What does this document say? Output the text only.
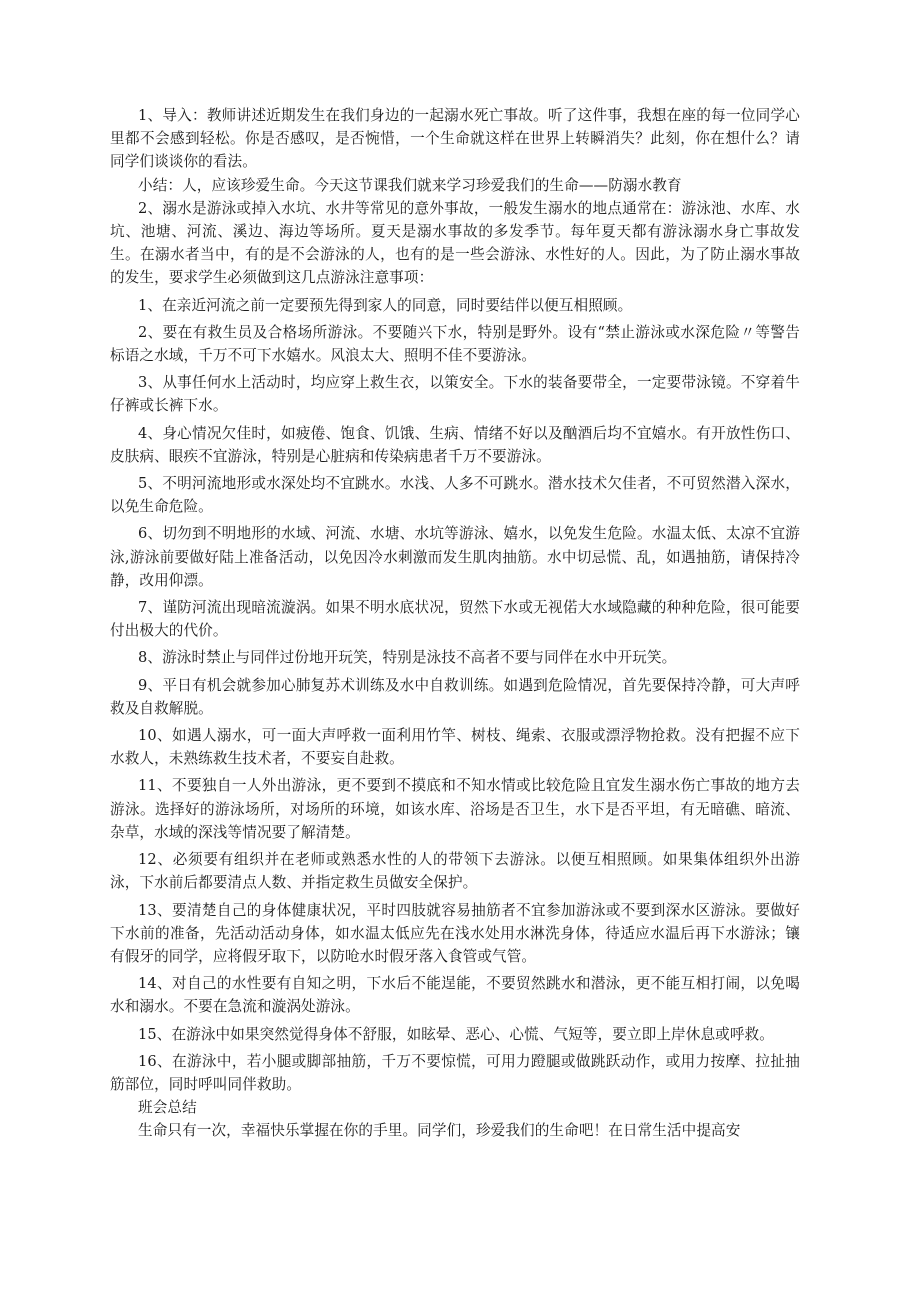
1、导入：教师讲述近期发生在我们身边的一起溺水死亡事故。听了这件事，我想在座的每一位同学心里都不会感到轻松。你是否感叹，是否惋惜，一个生命就这样在世界上转瞬消失？此刻，你在想什么？请同学们谈谈你的看法。

小结：人，应该珍爱生命。今天这节课我们就来学习珍爱我们的生命——防溺水教育

2、溺水是游泳或掉入水坑、水井等常见的意外事故，一般发生溺水的地点通常在：游泳池、水库、水坑、池塘、河流、溪边、海边等场所。夏天是溺水事故的多发季节。每年夏天都有游泳溺水身亡事故发生。在溺水者当中，有的是不会游泳的人，也有的是一些会游泳、水性好的人。因此，为了防止溺水事故的发生，要求学生必须做到这几点游泳注意事项：

1、在亲近河流之前一定要预先得到家人的同意，同时要结伴以便互相照顾。

2、要在有救生员及合格场所游泳。不要随兴下水，特别是野外。设有“禁止游泳或水深危险〃等警告标语之水域，千万不可下水嬉水。风浪太大、照明不佳不要游泳。

3、从事任何水上活动时，均应穿上救生衣，以策安全。下水的装备要带全，一定要带泳镜。不穿着牛仔裤或长裤下水。

4、身心情况欠佳时，如疲倦、饱食、饥饿、生病、情绪不好以及酗酒后均不宜嬉水。有开放性伤口、皮肤病、眼疾不宜游泳，特别是心脏病和传染病患者千万不要游泳。

5、不明河流地形或水深处均不宜跳水。水浅、人多不可跳水。潜水技术欠佳者，不可贸然潜入深水，以免生命危险。

6、切勿到不明地形的水域、河流、水塘、水坑等游泳、嬉水，以免发生危险。水温太低、太凉不宜游泳,游泳前要做好陆上准备活动，以免因冷水刺激而发生肌肉抽筋。水中切忌慌、乱，如遇抽筋，请保持冷静，改用仰漂。

7、谨防河流出现暗流漩涡。如果不明水底状况，贸然下水或无视偌大水域隐藏的种种危险，很可能要付出极大的代价。

8、游泳时禁止与同伴过份地开玩笑，特别是泳技不高者不要与同伴在水中开玩笑。

9、平日有机会就参加心肺复苏术训练及水中自救训练。如遇到危险情况，首先要保持冷静，可大声呼救及自救解脱。

10、如遇人溺水，可一面大声呼救一面利用竹竿、树枝、绳索、衣服或漂浮物抢救。没有把握不应下水救人，未熟练救生技术者，不要妄自赴救。

11、不要独自一人外出游泳，更不要到不摸底和不知水情或比较危险且宜发生溺水伤亡事故的地方去游泳。选择好的游泳场所，对场所的环境，如该水库、浴场是否卫生，水下是否平坦，有无暗礁、暗流、杂草，水域的深浅等情况要了解清楚。

12、必须要有组织并在老师或熟悉水性的人的带领下去游泳。以便互相照顾。如果集体组织外出游泳，下水前后都要清点人数、并指定救生员做安全保护。

13、要清楚自己的身体健康状况，平时四肢就容易抽筋者不宜参加游泳或不要到深水区游泳。要做好下水前的准备，先活动活动身体，如水温太低应先在浅水处用水淋洗身体，待适应水温后再下水游泳；镶有假牙的同学，应将假牙取下，以防呛水时假牙落入食管或气管。

14、对自己的水性要有自知之明，下水后不能逞能，不要贸然跳水和潜泳，更不能互相打闹，以免喝水和溺水。不要在急流和漩涡处游泳。

15、在游泳中如果突然觉得身体不舒服，如眩晕、恶心、心慌、气短等，要立即上岸休息或呼救。

16、在游泳中，若小腿或脚部抽筋，千万不要惊慌，可用力蹬腿或做跳跃动作，或用力按摩、拉扯抽筋部位，同时呼叫同伴救助。

班会总结

生命只有一次，幸福快乐掌握在你的手里。同学们，珍爱我们的生命吧！在日常生活中提高安
